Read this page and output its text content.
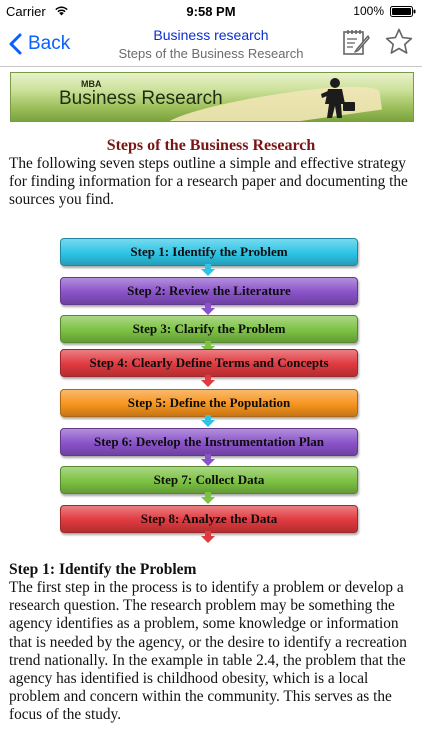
Carrier	9:58 PM	100%
Back	Business research
Steps of the Business Research
MBA
Business Research
Steps of the Business Research

The following seven steps outline a simple and effective strategy for finding information for a research paper and documenting the sources you find.

Step 1: Identify the Problem
Step 2: Review the Literature
Step 3: Clarify the Problem
Step 4: Clearly Define Terms and Concepts
Step 5: Define the Population
Step 6: Develop the Instrumentation Plan
Step 7: Collect Data
Step 8: Analyze the Data
Step 1: Identify the Problem

The first step in the process is to identify a problem or develop a research question. The research problem may be something the agency identifies as a problem, some knowledge or information that is needed by the agency, or the desire to identify a recreation trend nationally. In the example in table 2.4, the problem that the agency has identified is childhood obesity, which is a local problem and concern within the community. This serves as the focus of the study.
